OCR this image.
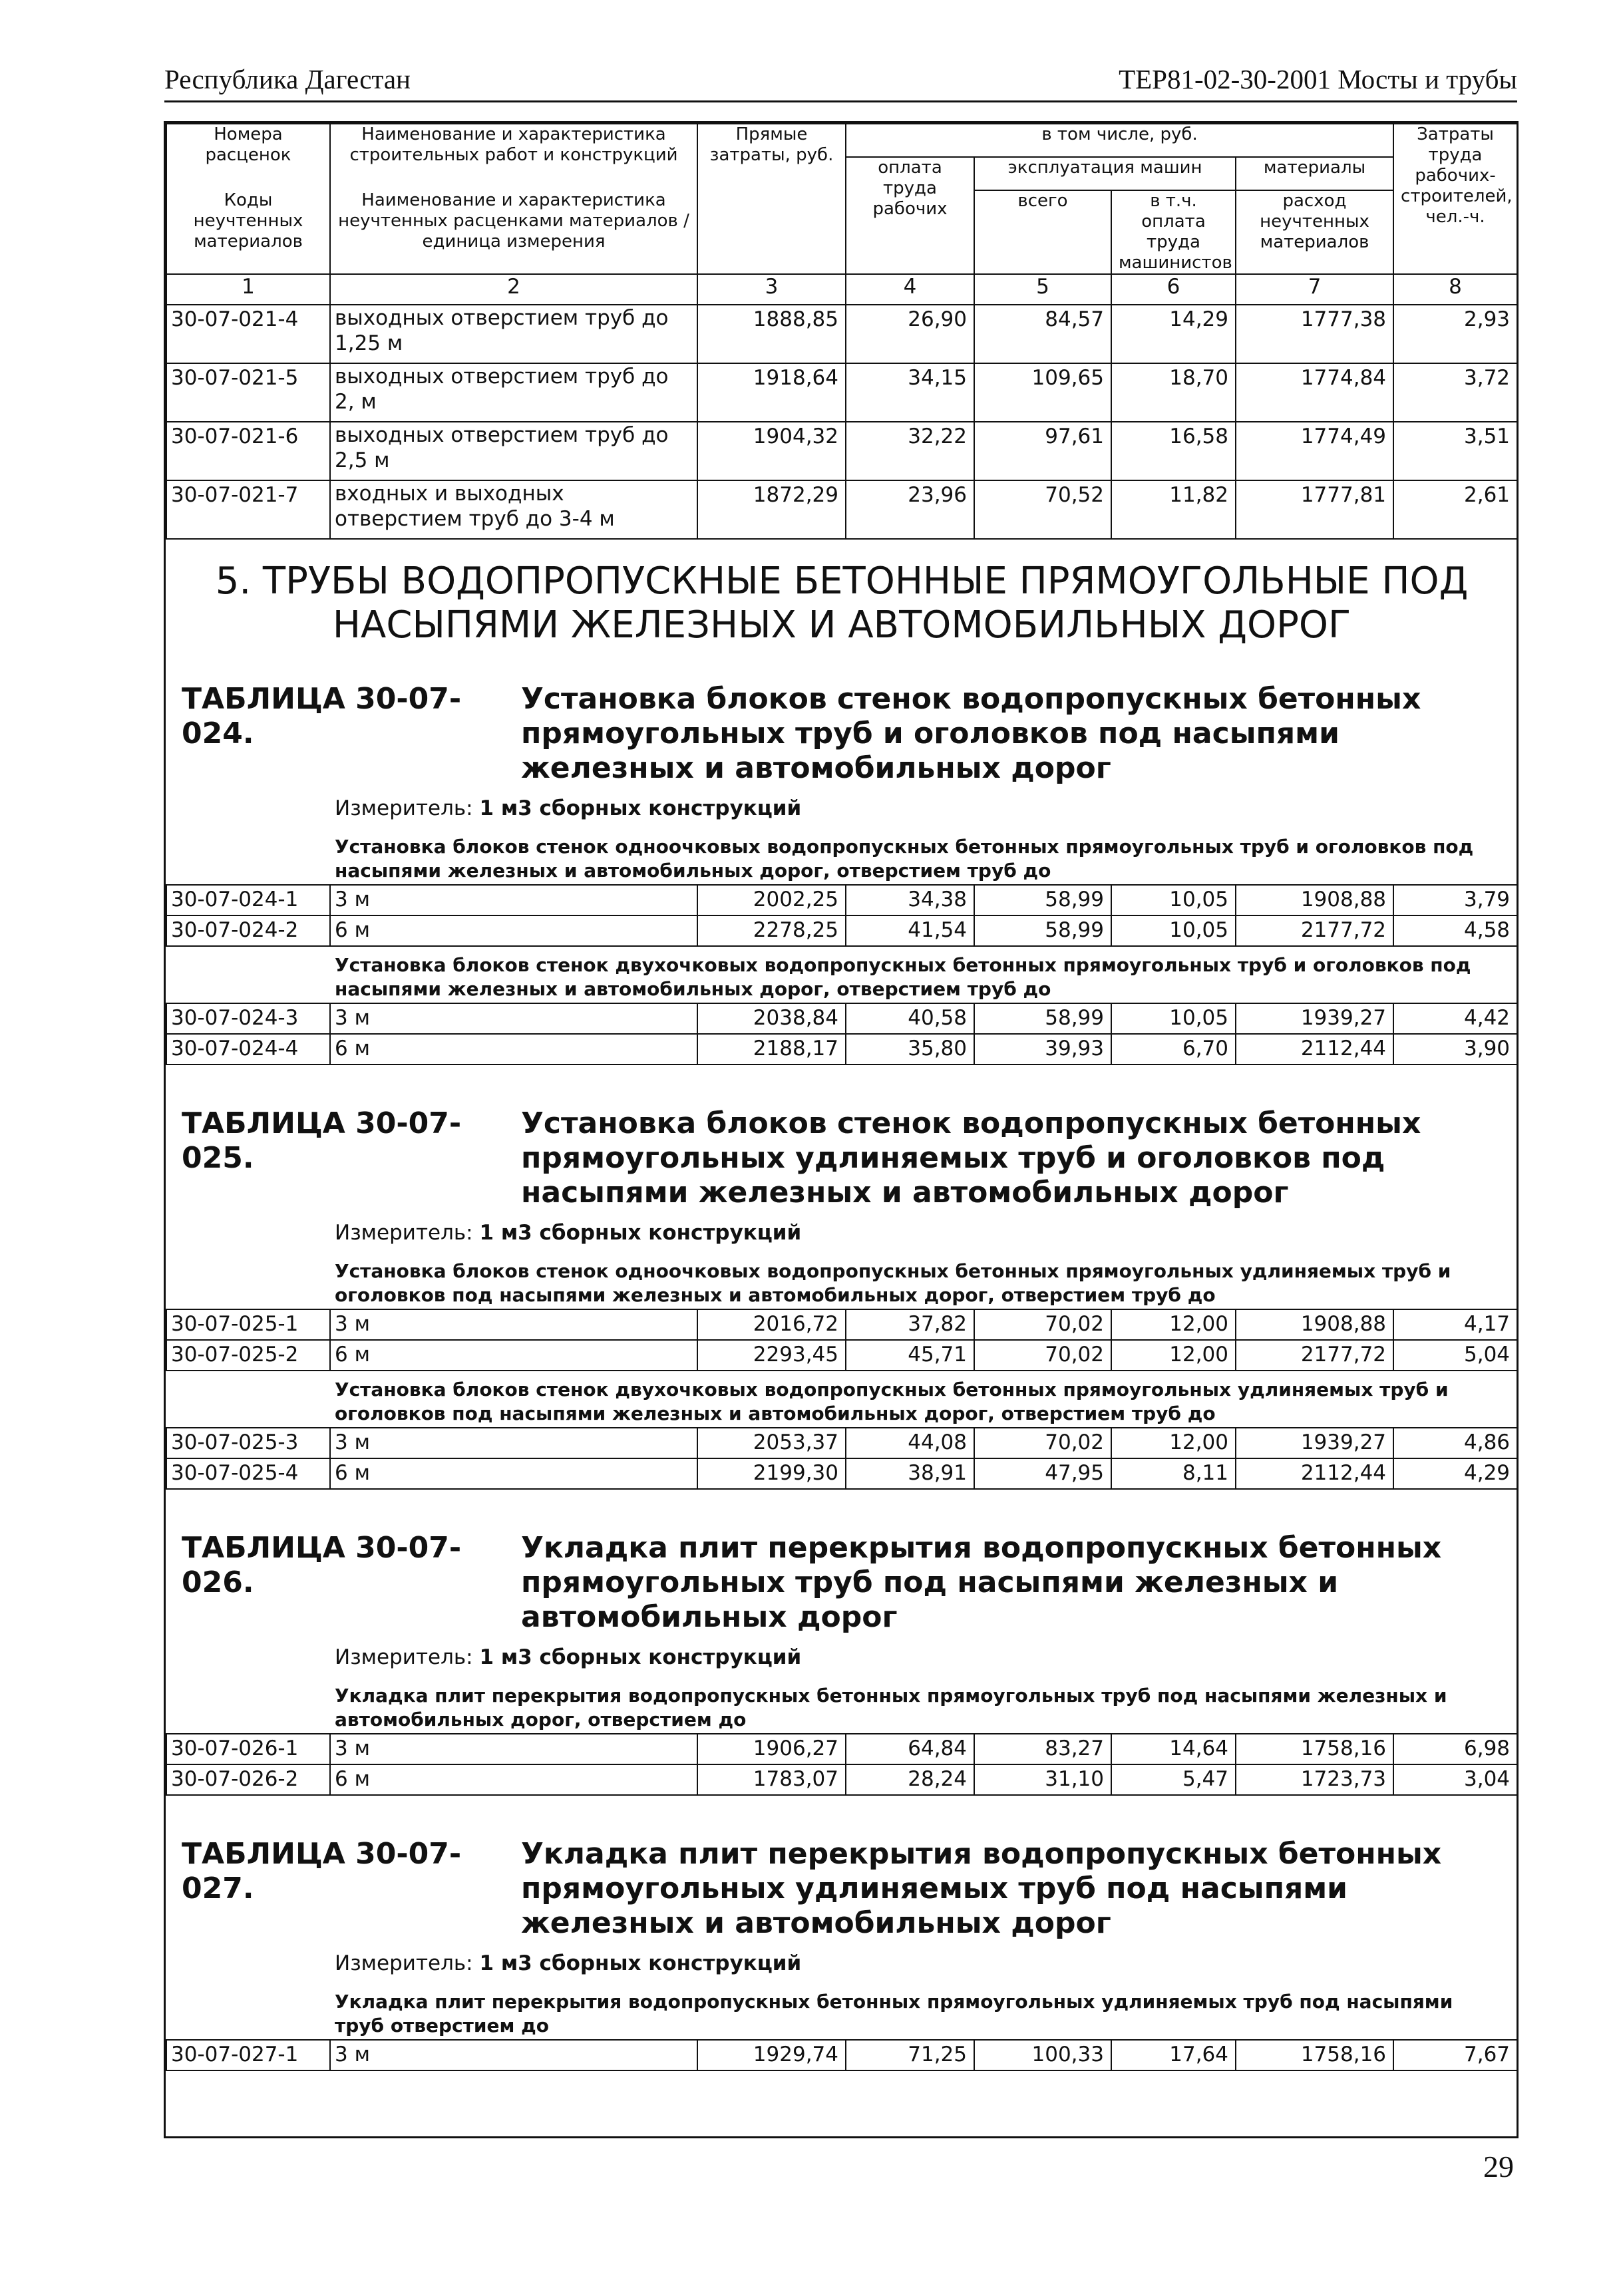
Республика Дагестан	ТЕР81-02-30-2001 Мосты и трубы
Номера расценок	Наименование и характеристика строительных работ и конструкций	Прямые затраты, руб.	в том числе, руб.				Затраты труда рабочих-строителей, чел.-ч.
			оплата труда рабочих	эксплуатация машин		материалы	
Коды неучтенных материалов	Наименование и характеристика неучтенных расценками материалов / единица измерения			всего	в т.ч. оплата труда машинистов	расход неучтенных материалов	

1	2	3	4	5	6	7	8
30-07-021-4	выходных отверстием труб до 1,25 м	1888,85	26,90	84,57	14,29	1777,38	2,93
30-07-021-5	выходных отверстием труб до 2, м	1918,64	34,15	109,65	18,70	1774,84	3,72
30-07-021-6	выходных отверстием труб до 2,5 м	1904,32	32,22	97,61	16,58	1774,49	3,51
30-07-021-7	входных и выходных отверстием труб до 3-4 м	1872,29	23,96	70,52	11,82	1777,81	2,61

5. ТРУБЫ ВОДОПРОПУСКНЫЕ БЕТОННЫЕ ПРЯМОУГОЛЬНЫЕ ПОД НАСЫПЯМИ ЖЕЛЕЗНЫХ И АВТОМОБИЛЬНЫХ ДОРОГ							

ТАБЛИЦА 30-07-024.
Установка блоков стенок водопропускных бетонных прямоугольных труб и оголовков под насыпями железных и автомобильных дорог
Измеритель: 1 м3 сборных конструкций							

Установка блоков стенок одноочковых водопропускных бетонных прямоугольных труб и оголовков под насыпями железных и автомобильных дорог, отверстием труб до							

30-07-024-1	3 м	2002,25	34,38	58,99	10,05	1908,88	3,79
30-07-024-2	6 м	2278,25	41,54	58,99	10,05	2177,72	4,58

Установка блоков стенок двухочковых водопропускных бетонных прямоугольных труб и оголовков под насыпями железных и автомобильных дорог, отверстием труб до							

30-07-024-3	3 м	2038,84	40,58	58,99	10,05	1939,27	4,42
30-07-024-4	6 м	2188,17	35,80	39,93	6,70	2112,44	3,90

ТАБЛИЦА 30-07-025.
Установка блоков стенок водопропускных бетонных прямоугольных удлиняемых труб и оголовков под насыпями железных и автомобильных дорог
Измеритель: 1 м3 сборных конструкций							

Установка блоков стенок одноочковых водопропускных бетонных прямоугольных удлиняемых труб и оголовков под насыпями железных и автомобильных дорог, отверстием труб до							

30-07-025-1	3 м	2016,72	37,82	70,02	12,00	1908,88	4,17
30-07-025-2	6 м	2293,45	45,71	70,02	12,00	2177,72	5,04

Установка блоков стенок двухочковых водопропускных бетонных прямоугольных удлиняемых труб и оголовков под насыпями железных и автомобильных дорог, отверстием труб до							

30-07-025-3	3 м	2053,37	44,08	70,02	12,00	1939,27	4,86
30-07-025-4	6 м	2199,30	38,91	47,95	8,11	2112,44	4,29

ТАБЛИЦА 30-07-026.
Укладка плит перекрытия водопропускных бетонных прямоугольных труб под насыпями железных и автомобильных дорог
Измеритель: 1 м3 сборных конструкций							

Укладка плит перекрытия водопропускных бетонных прямоугольных труб под насыпями железных и автомобильных дорог, отверстием до							

30-07-026-1	3 м	1906,27	64,84	83,27	14,64	1758,16	6,98
30-07-026-2	6 м	1783,07	28,24	31,10	5,47	1723,73	3,04

ТАБЛИЦА 30-07-027.
Укладка плит перекрытия водопропускных бетонных прямоугольных удлиняемых труб под насыпями железных и автомобильных дорог
Измеритель: 1 м3 сборных конструкций							

Укладка плит перекрытия водопропускных бетонных прямоугольных удлиняемых труб под насыпями труб отверстием до							

30-07-027-1	3 м	1929,74	71,25	100,33	17,64	1758,16	7,67
29
